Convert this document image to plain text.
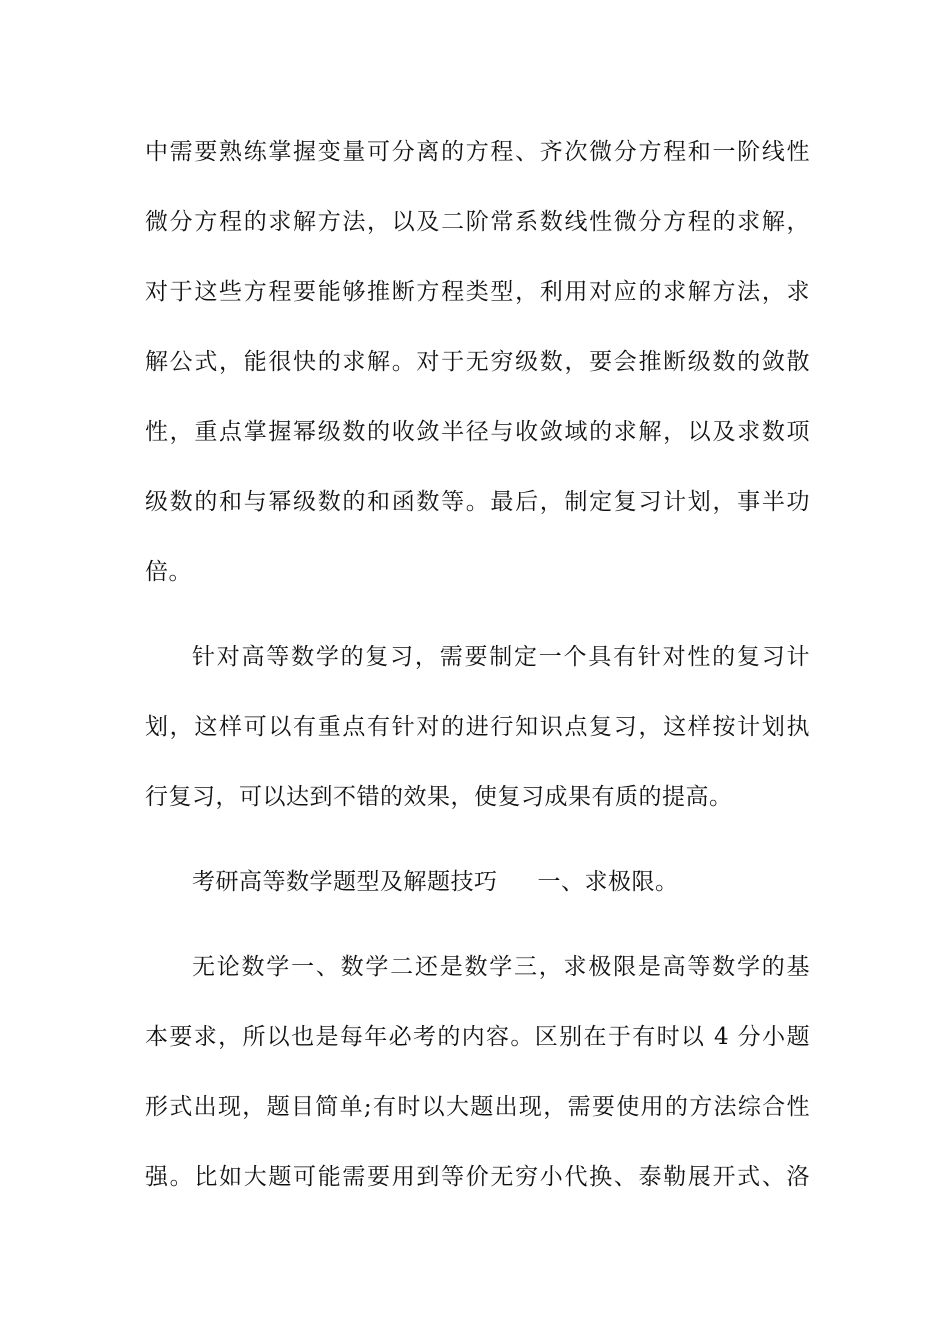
中需要熟练掌握变量可分离的方程、齐次微分方程和一阶线性
微分方程的求解方法，以及二阶常系数线性微分方程的求解，
对于这些方程要能够推断方程类型，利用对应的求解方法，求
解公式，能很快的求解。对于无穷级数，要会推断级数的敛散
性，重点掌握幂级数的收敛半径与收敛域的求解，以及求数项
级数的和与幂级数的和函数等。最后，制定复习计划，事半功
倍。
针对高等数学的复习，需要制定一个具有针对性的复习计
划，这样可以有重点有针对的进行知识点复习，这样按计划执
行复习，可以达到不错的效果，使复习成果有质的提高。
考研高等数学题型及解题技巧 一、求极限。
无论数学一、数学二还是数学三，求极限是高等数学的基
本要求，所以也是每年必考的内容。区别在于有时以 4 分小题
形式出现，题目简单;有时以大题出现，需要使用的方法综合性
强。比如大题可能需要用到等价无穷小代换、泰勒展开式、洛
